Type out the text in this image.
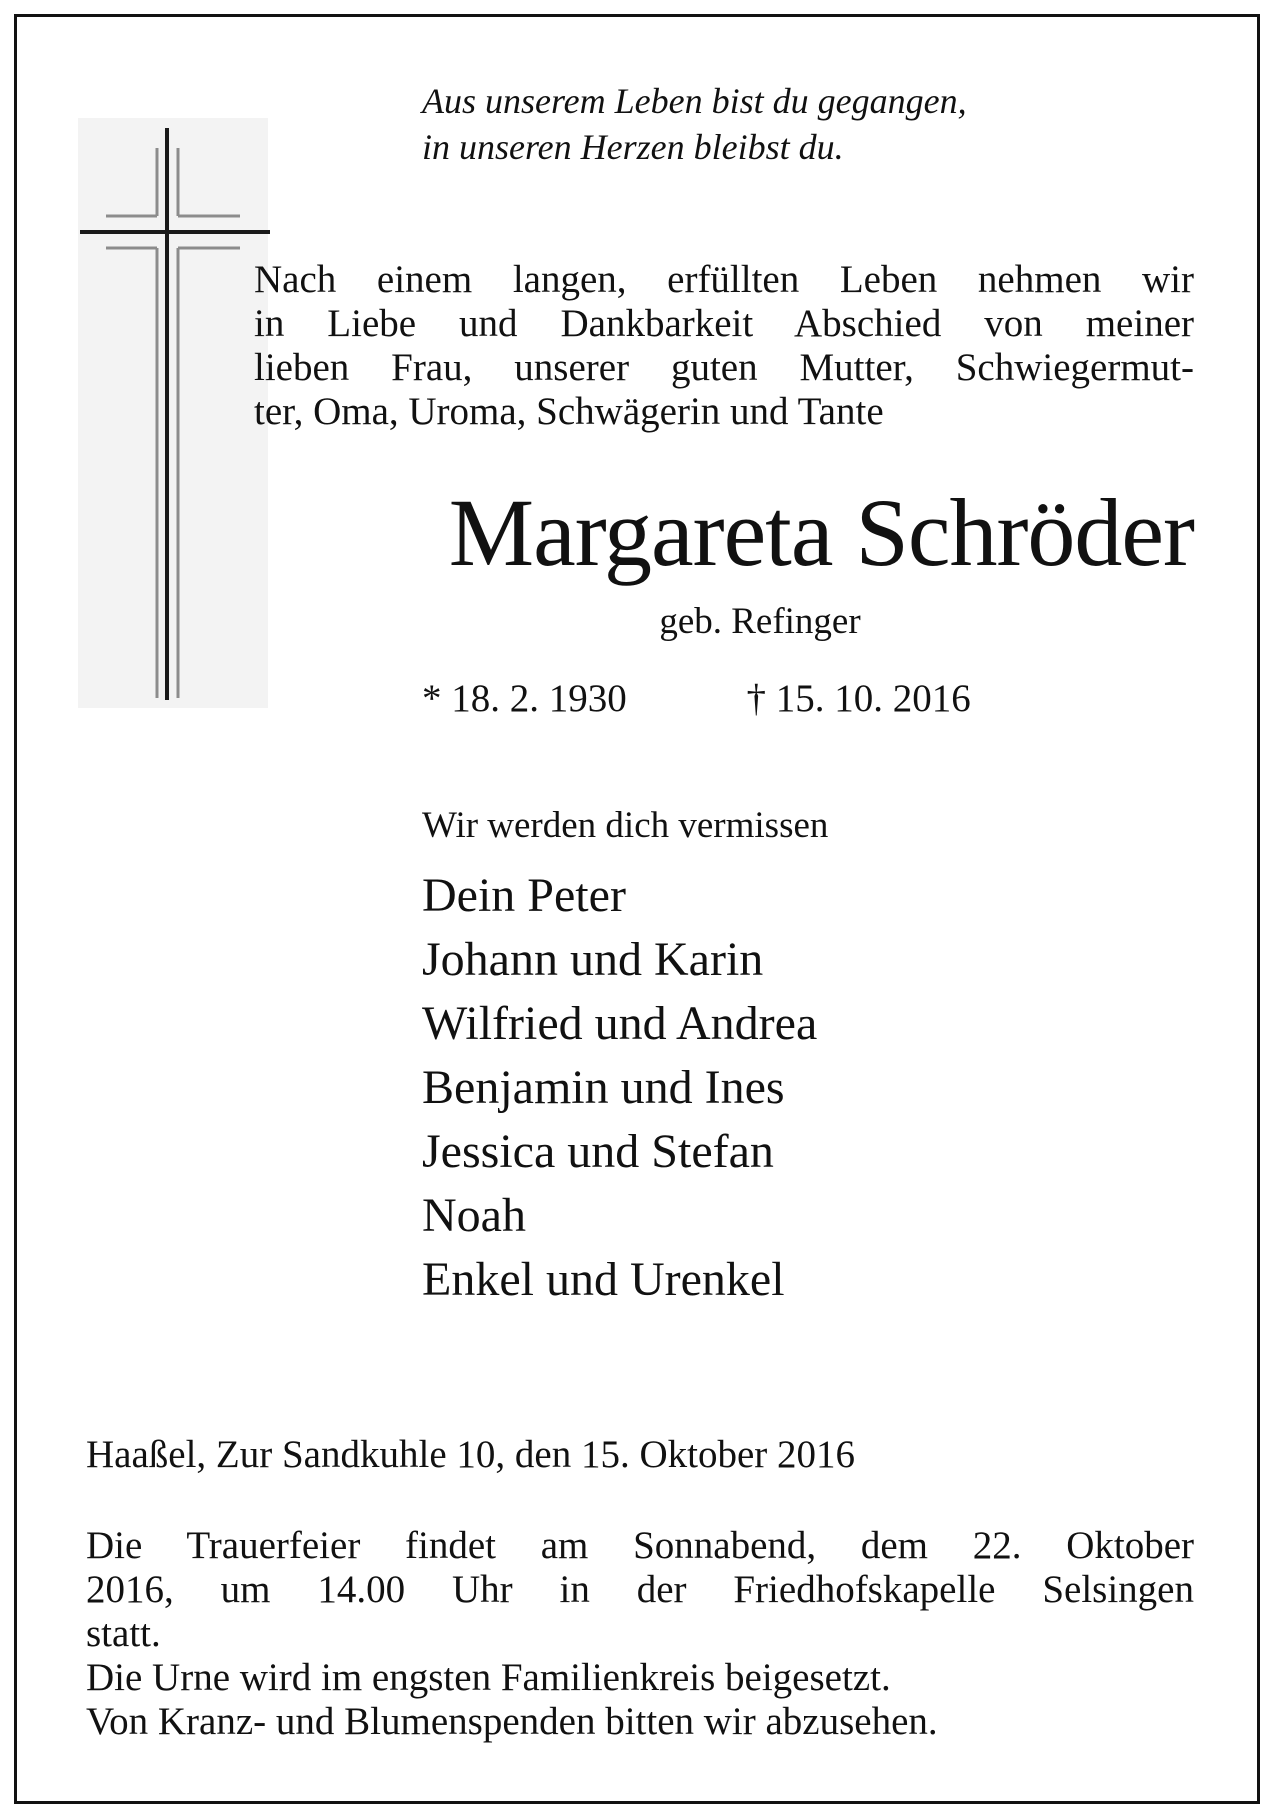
Aus unserem Leben bist du gegangen,
in unseren Herzen bleibst du.
Nach einem langen, erfüllten Leben nehmen wir
in Liebe und Dankbarkeit Abschied von meiner
lieben Frau, unserer guten Mutter, Schwiegermut-
ter, Oma, Uroma, Schwägerin und Tante
Margareta Schröder
geb. Refinger
* 18. 2. 1930	† 15. 10. 2016
Wir werden dich vermissen
Dein Peter
Johann und Karin
Wilfried und Andrea
Benjamin und Ines
Jessica und Stefan
Noah
Enkel und Urenkel
Haaßel, Zur Sandkuhle 10, den 15. Oktober 2016
Die Trauerfeier findet am Sonnabend, dem 22. Oktober
2016, um 14.00 Uhr in der Friedhofskapelle Selsingen
statt.
Die Urne wird im engsten Familienkreis beigesetzt.
Von Kranz- und Blumenspenden bitten wir abzusehen.
